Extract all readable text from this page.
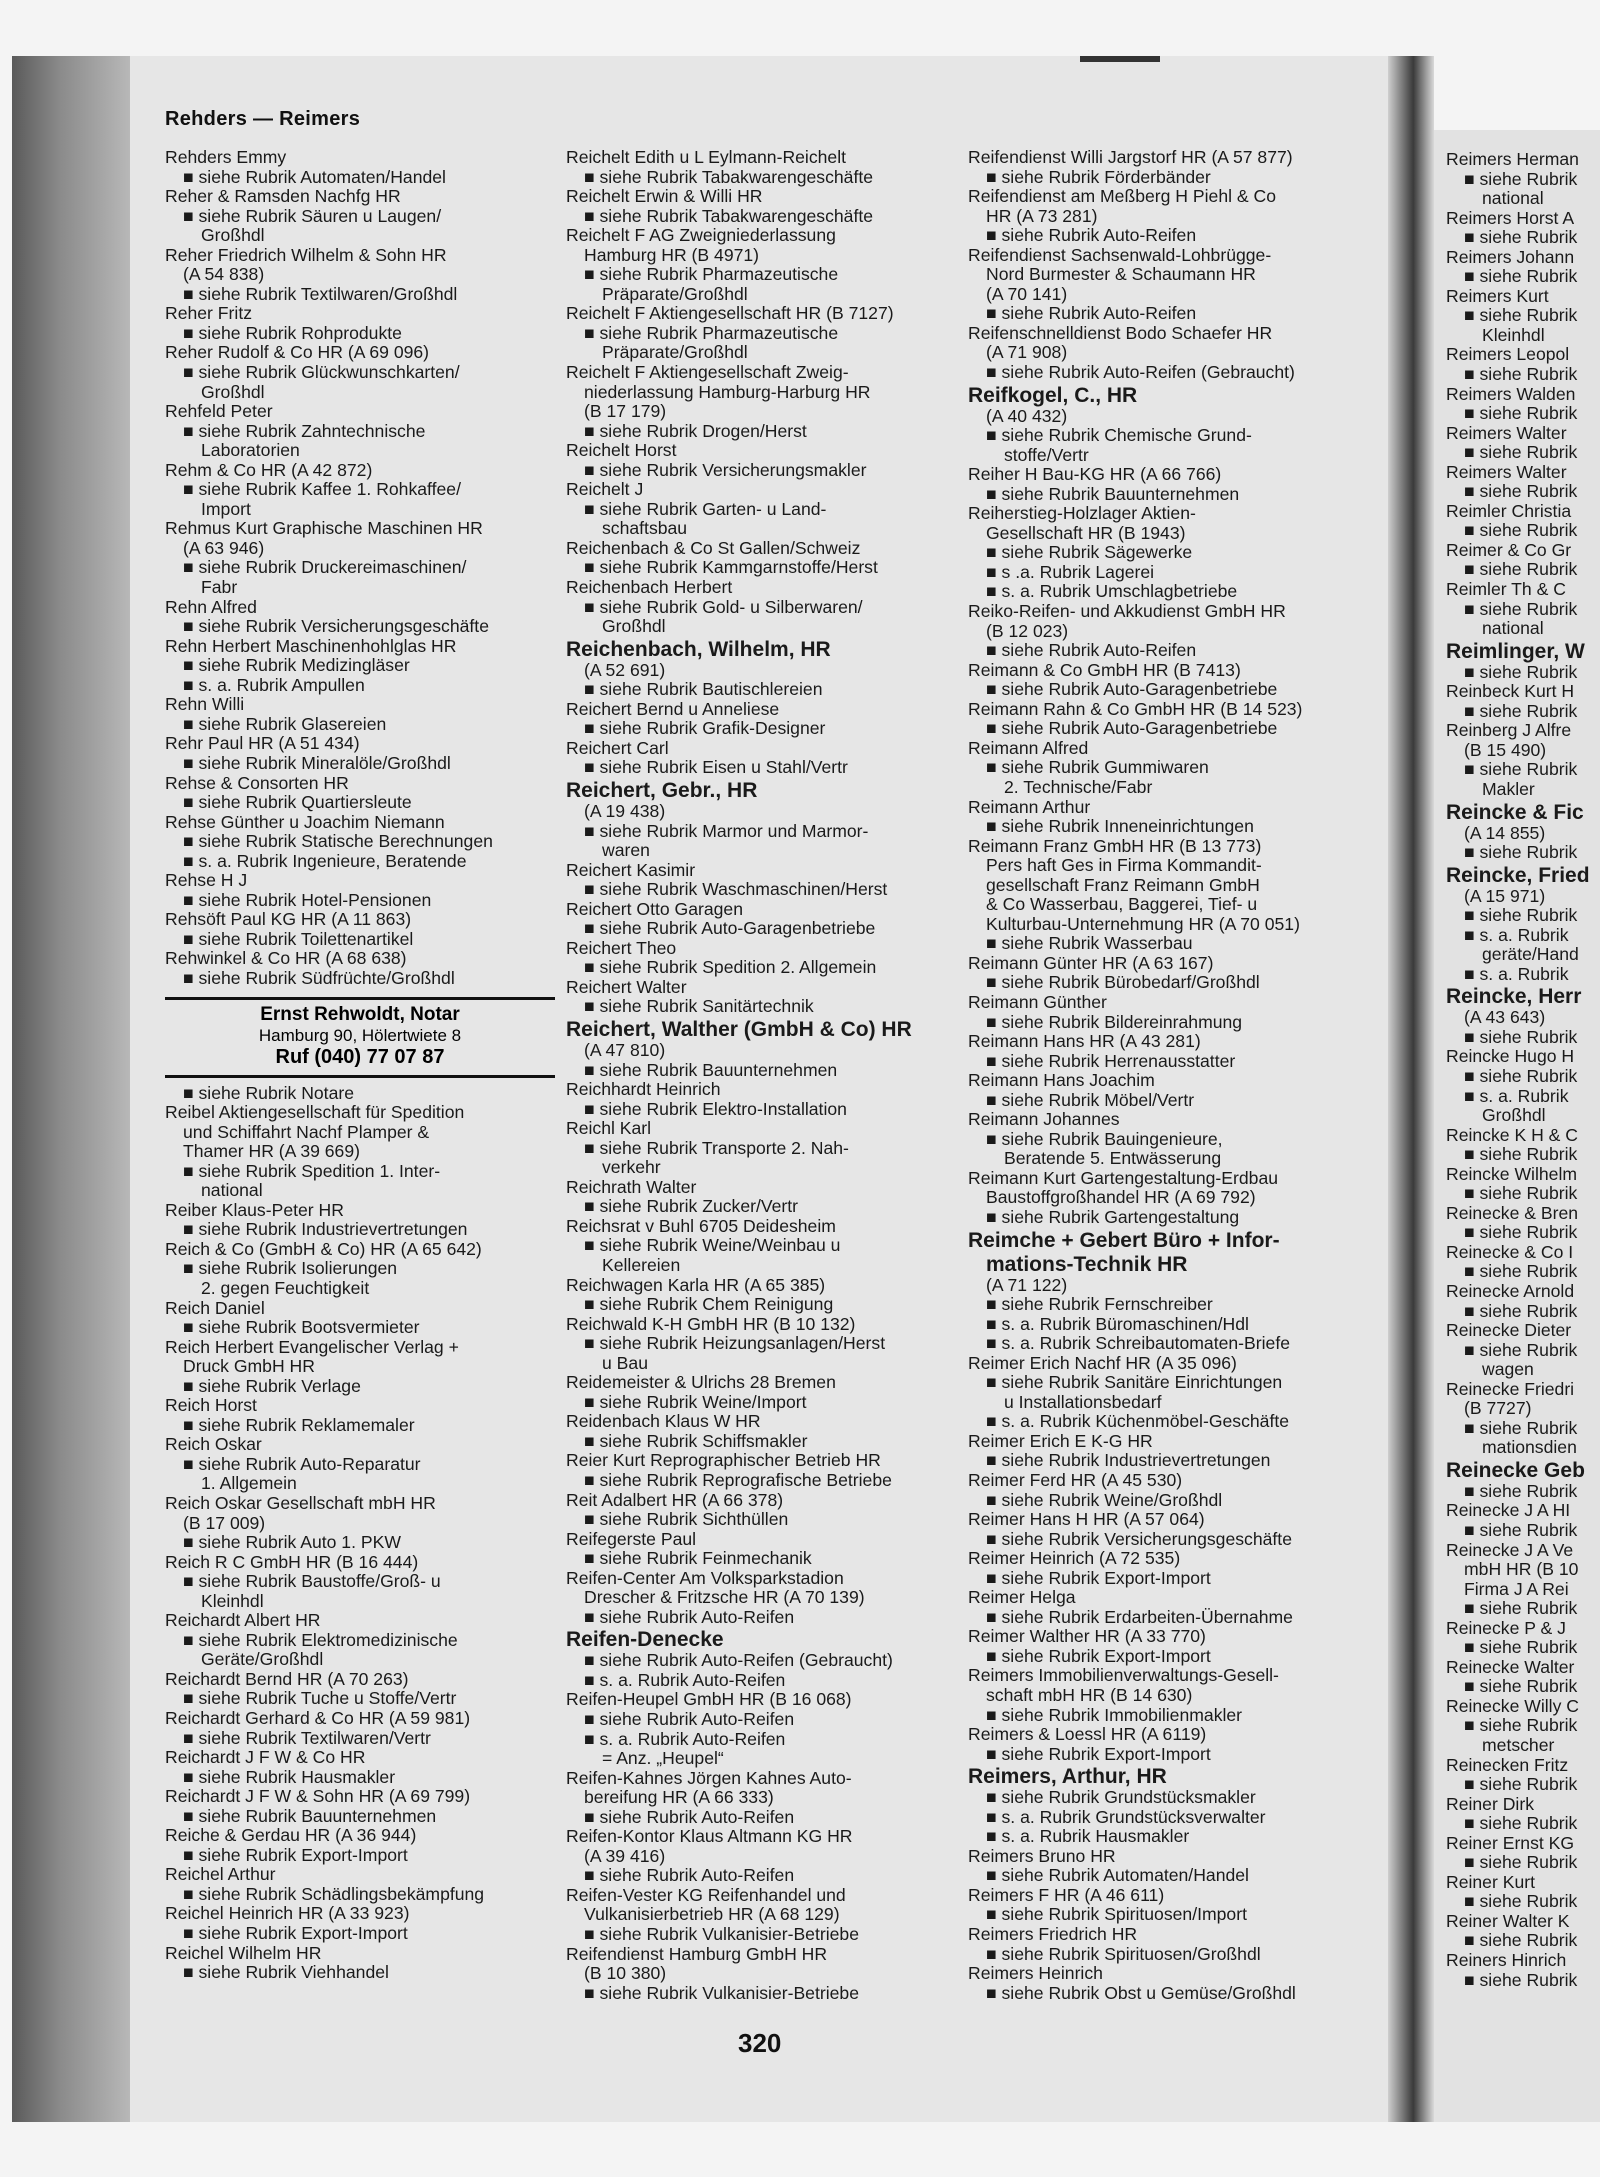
Rehders — Reimers
Rehders Emmy
■ siehe Rubrik Automaten/Handel
Reher & Ramsden Nachfg HR
■ siehe Rubrik Säuren u Laugen/
Großhdl
Reher Friedrich Wilhelm & Sohn HR
(A 54 838)
■ siehe Rubrik Textilwaren/Großhdl
Reher Fritz
■ siehe Rubrik Rohprodukte
Reher Rudolf & Co HR (A 69 096)
■ siehe Rubrik Glückwunschkarten/
Großhdl
Rehfeld Peter
■ siehe Rubrik Zahntechnische
Laboratorien
Rehm & Co HR (A 42 872)
■ siehe Rubrik Kaffee 1. Rohkaffee/
Import
Rehmus Kurt Graphische Maschinen HR
(A 63 946)
■ siehe Rubrik Druckereimaschinen/
Fabr
Rehn Alfred
■ siehe Rubrik Versicherungsgeschäfte
Rehn Herbert Maschinenhohlglas HR
■ siehe Rubrik Medizingläser
■ s. a. Rubrik Ampullen
Rehn Willi
■ siehe Rubrik Glasereien
Rehr Paul HR (A 51 434)
■ siehe Rubrik Mineralöle/Großhdl
Rehse & Consorten HR
■ siehe Rubrik Quartiersleute
Rehse Günther u Joachim Niemann
■ siehe Rubrik Statische Berechnungen
■ s. a. Rubrik Ingenieure, Beratende
Rehse H J
■ siehe Rubrik Hotel-Pensionen
Rehsöft Paul KG HR (A 11 863)
■ siehe Rubrik Toilettenartikel
Rehwinkel & Co HR (A 68 638)
■ siehe Rubrik Südfrüchte/Großhdl
Ernst Rehwoldt, Notar
Hamburg 90, Hölertwiete 8
Ruf (040) 77 07 87
■ siehe Rubrik Notare
Reibel Aktiengesellschaft für Spedition
und Schiffahrt Nachf Plamper &
Thamer HR (A 39 669)
■ siehe Rubrik Spedition 1. Inter-
national
Reiber Klaus-Peter HR
■ siehe Rubrik Industrievertretungen
Reich & Co (GmbH & Co) HR (A 65 642)
■ siehe Rubrik Isolierungen
2. gegen Feuchtigkeit
Reich Daniel
■ siehe Rubrik Bootsvermieter
Reich Herbert Evangelischer Verlag +
Druck GmbH HR
■ siehe Rubrik Verlage
Reich Horst
■ siehe Rubrik Reklamemaler
Reich Oskar
■ siehe Rubrik Auto-Reparatur
1. Allgemein
Reich Oskar Gesellschaft mbH HR
(B 17 009)
■ siehe Rubrik Auto 1. PKW
Reich R C GmbH HR (B 16 444)
■ siehe Rubrik Baustoffe/Groß- u
Kleinhdl
Reichardt Albert HR
■ siehe Rubrik Elektromedizinische
Geräte/Großhdl
Reichardt Bernd HR (A 70 263)
■ siehe Rubrik Tuche u Stoffe/Vertr
Reichardt Gerhard & Co HR (A 59 981)
■ siehe Rubrik Textilwaren/Vertr
Reichardt J F W & Co HR
■ siehe Rubrik Hausmakler
Reichardt J F W & Sohn HR (A 69 799)
■ siehe Rubrik Bauunternehmen
Reiche & Gerdau HR (A 36 944)
■ siehe Rubrik Export-Import
Reichel Arthur
■ siehe Rubrik Schädlingsbekämpfung
Reichel Heinrich HR (A 33 923)
■ siehe Rubrik Export-Import
Reichel Wilhelm HR
■ siehe Rubrik Viehhandel
Reichelt Edith u L Eylmann-Reichelt
■ siehe Rubrik Tabakwarengeschäfte
Reichelt Erwin & Willi HR
■ siehe Rubrik Tabakwarengeschäfte
Reichelt F AG Zweigniederlassung
Hamburg HR (B 4971)
■ siehe Rubrik Pharmazeutische
Präparate/Großhdl
Reichelt F Aktiengesellschaft HR (B 7127)
■ siehe Rubrik Pharmazeutische
Präparate/Großhdl
Reichelt F Aktiengesellschaft Zweig-
niederlassung Hamburg-Harburg HR
(B 17 179)
■ siehe Rubrik Drogen/Herst
Reichelt Horst
■ siehe Rubrik Versicherungsmakler
Reichelt J
■ siehe Rubrik Garten- u Land-
schaftsbau
Reichenbach & Co St Gallen/Schweiz
■ siehe Rubrik Kammgarnstoffe/Herst
Reichenbach Herbert
■ siehe Rubrik Gold- u Silberwaren/
Großhdl
Reichenbach, Wilhelm, HR
(A 52 691)
■ siehe Rubrik Bautischlereien
Reichert Bernd u Anneliese
■ siehe Rubrik Grafik-Designer
Reichert Carl
■ siehe Rubrik Eisen u Stahl/Vertr
Reichert, Gebr., HR
(A 19 438)
■ siehe Rubrik Marmor und Marmor-
waren
Reichert Kasimir
■ siehe Rubrik Waschmaschinen/Herst
Reichert Otto Garagen
■ siehe Rubrik Auto-Garagenbetriebe
Reichert Theo
■ siehe Rubrik Spedition 2. Allgemein
Reichert Walter
■ siehe Rubrik Sanitärtechnik
Reichert, Walther (GmbH & Co) HR
(A 47 810)
■ siehe Rubrik Bauunternehmen
Reichhardt Heinrich
■ siehe Rubrik Elektro-Installation
Reichl Karl
■ siehe Rubrik Transporte 2. Nah-
verkehr
Reichrath Walter
■ siehe Rubrik Zucker/Vertr
Reichsrat v Buhl 6705 Deidesheim
■ siehe Rubrik Weine/Weinbau u
Kellereien
Reichwagen Karla HR (A 65 385)
■ siehe Rubrik Chem Reinigung
Reichwald K-H GmbH HR (B 10 132)
■ siehe Rubrik Heizungsanlagen/Herst
u Bau
Reidemeister & Ulrichs 28 Bremen
■ siehe Rubrik Weine/Import
Reidenbach Klaus W HR
■ siehe Rubrik Schiffsmakler
Reier Kurt Reprographischer Betrieb HR
■ siehe Rubrik Reprografische Betriebe
Reit Adalbert HR (A 66 378)
■ siehe Rubrik Sichthüllen
Reifegerste Paul
■ siehe Rubrik Feinmechanik
Reifen-Center Am Volksparkstadion
Drescher & Fritzsche HR (A 70 139)
■ siehe Rubrik Auto-Reifen
Reifen-Denecke
■ siehe Rubrik Auto-Reifen (Gebraucht)
■ s. a. Rubrik Auto-Reifen
Reifen-Heupel GmbH HR (B 16 068)
■ siehe Rubrik Auto-Reifen
■ s. a. Rubrik Auto-Reifen
= Anz. „Heupel“
Reifen-Kahnes Jörgen Kahnes Auto-
bereifung HR (A 66 333)
■ siehe Rubrik Auto-Reifen
Reifen-Kontor Klaus Altmann KG HR
(A 39 416)
■ siehe Rubrik Auto-Reifen
Reifen-Vester KG Reifenhandel und
Vulkanisierbetrieb HR (A 68 129)
■ siehe Rubrik Vulkanisier-Betriebe
Reifendienst Hamburg GmbH HR
(B 10 380)
■ siehe Rubrik Vulkanisier-Betriebe
Reifendienst Willi Jargstorf HR (A 57 877)
■ siehe Rubrik Förderbänder
Reifendienst am Meßberg H Piehl & Co
HR (A 73 281)
■ siehe Rubrik Auto-Reifen
Reifendienst Sachsenwald-Lohbrügge-
Nord Burmester & Schaumann HR
(A 70 141)
■ siehe Rubrik Auto-Reifen
Reifenschnelldienst Bodo Schaefer HR
(A 71 908)
■ siehe Rubrik Auto-Reifen (Gebraucht)
Reifkogel, C., HR
(A 40 432)
■ siehe Rubrik Chemische Grund-
stoffe/Vertr
Reiher H Bau-KG HR (A 66 766)
■ siehe Rubrik Bauunternehmen
Reiherstieg-Holzlager Aktien-
Gesellschaft HR (B 1943)
■ siehe Rubrik Sägewerke
■ s .a. Rubrik Lagerei
■ s. a. Rubrik Umschlagbetriebe
Reiko-Reifen- und Akkudienst GmbH HR
(B 12 023)
■ siehe Rubrik Auto-Reifen
Reimann & Co GmbH HR (B 7413)
■ siehe Rubrik Auto-Garagenbetriebe
Reimann Rahn & Co GmbH HR (B 14 523)
■ siehe Rubrik Auto-Garagenbetriebe
Reimann Alfred
■ siehe Rubrik Gummiwaren
2. Technische/Fabr
Reimann Arthur
■ siehe Rubrik Inneneinrichtungen
Reimann Franz GmbH HR (B 13 773)
Pers haft Ges in Firma Kommandit-
gesellschaft Franz Reimann GmbH
& Co Wasserbau, Baggerei, Tief- u
Kulturbau-Unternehmung HR (A 70 051)
■ siehe Rubrik Wasserbau
Reimann Günter HR (A 63 167)
■ siehe Rubrik Bürobedarf/Großhdl
Reimann Günther
■ siehe Rubrik Bildereinrahmung
Reimann Hans HR (A 43 281)
■ siehe Rubrik Herrenausstatter
Reimann Hans Joachim
■ siehe Rubrik Möbel/Vertr
Reimann Johannes
■ siehe Rubrik Bauingenieure,
Beratende 5. Entwässerung
Reimann Kurt Gartengestaltung-Erdbau
Baustoffgroßhandel HR (A 69 792)
■ siehe Rubrik Gartengestaltung
Reimche + Gebert Büro + Infor-
mations-Technik HR
(A 71 122)
■ siehe Rubrik Fernschreiber
■ s. a. Rubrik Büromaschinen/Hdl
■ s. a. Rubrik Schreibautomaten-Briefe
Reimer Erich Nachf HR (A 35 096)
■ siehe Rubrik Sanitäre Einrichtungen
u Installationsbedarf
■ s. a. Rubrik Küchenmöbel-Geschäfte
Reimer Erich E K-G HR
■ siehe Rubrik Industrievertretungen
Reimer Ferd HR (A 45 530)
■ siehe Rubrik Weine/Großhdl
Reimer Hans H HR (A 57 064)
■ siehe Rubrik Versicherungsgeschäfte
Reimer Heinrich (A 72 535)
■ siehe Rubrik Export-Import
Reimer Helga
■ siehe Rubrik Erdarbeiten-Übernahme
Reimer Walther HR (A 33 770)
■ siehe Rubrik Export-Import
Reimers Immobilienverwaltungs-Gesell-
schaft mbH HR (B 14 630)
■ siehe Rubrik Immobilienmakler
Reimers & Loessl HR (A 6119)
■ siehe Rubrik Export-Import
Reimers, Arthur, HR
■ siehe Rubrik Grundstücksmakler
■ s. a. Rubrik Grundstücksverwalter
■ s. a. Rubrik Hausmakler
Reimers Bruno HR
■ siehe Rubrik Automaten/Handel
Reimers F HR (A 46 611)
■ siehe Rubrik Spirituosen/Import
Reimers Friedrich HR
■ siehe Rubrik Spirituosen/Großhdl
Reimers Heinrich
■ siehe Rubrik Obst u Gemüse/Großhdl
Reimers Herman
■ siehe Rubrik
national
Reimers Horst A
■ siehe Rubrik
Reimers Johann
■ siehe Rubrik
Reimers Kurt
■ siehe Rubrik
Kleinhdl
Reimers Leopol
■ siehe Rubrik
Reimers Walden
■ siehe Rubrik
Reimers Walter
■ siehe Rubrik
Reimers Walter
■ siehe Rubrik
Reimler Christia
■ siehe Rubrik
Reimer & Co Gr
■ siehe Rubrik
Reimler Th & C
■ siehe Rubrik
national
Reimlinger, W
■ siehe Rubrik
Reinbeck Kurt H
■ siehe Rubrik
Reinberg J Alfre
(B 15 490)
■ siehe Rubrik
Makler
Reincke & Fic
(A 14 855)
■ siehe Rubrik
Reincke, Fried
(A 15 971)
■ siehe Rubrik
■ s. a. Rubrik
geräte/Hand
■ s. a. Rubrik
Reincke, Herr
(A 43 643)
■ siehe Rubrik
Reincke Hugo H
■ siehe Rubrik
■ s. a. Rubrik
Großhdl
Reincke K H & C
■ siehe Rubrik
Reincke Wilhelm
■ siehe Rubrik
Reinecke & Bren
■ siehe Rubrik
Reinecke & Co I
■ siehe Rubrik
Reinecke Arnold
■ siehe Rubrik
Reinecke Dieter
■ siehe Rubrik
wagen
Reinecke Friedri
(B 7727)
■ siehe Rubrik
mationsdien
Reinecke Geb
■ siehe Rubrik
Reinecke J A HI
■ siehe Rubrik
Reinecke J A Ve
mbH HR (B 10
Firma J A Rei
■ siehe Rubrik
Reinecke P & J
■ siehe Rubrik
Reinecke Walter
■ siehe Rubrik
Reinecke Willy C
■ siehe Rubrik
metscher
Reinecken Fritz
■ siehe Rubrik
Reiner Dirk
■ siehe Rubrik
Reiner Ernst KG
■ siehe Rubrik
Reiner Kurt
■ siehe Rubrik
Reiner Walter K
■ siehe Rubrik
Reiners Hinrich
■ siehe Rubrik
320
